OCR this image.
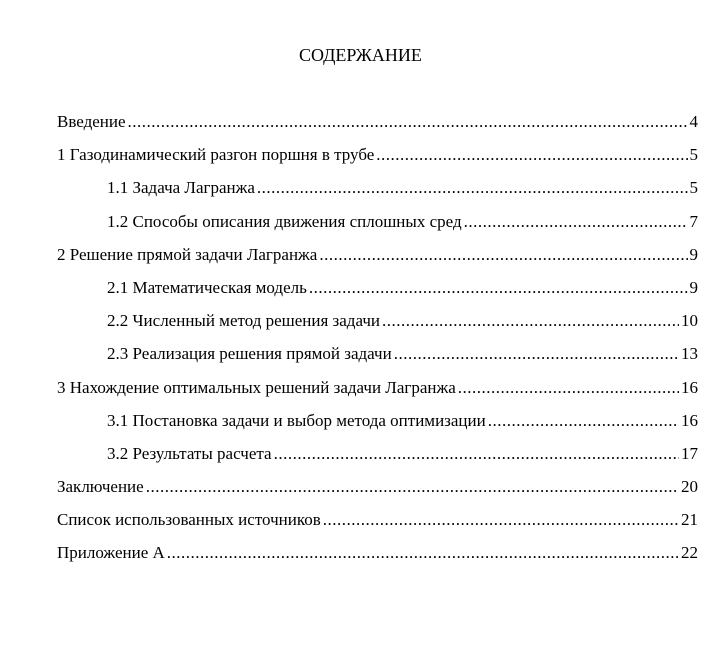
СОДЕРЖАНИЕ
Введение .....	4
1 Газодинамический разгон поршня в трубе .....	5
1.1 Задача Лагранжа .....	5
1.2 Способы описания движения сплошных сред .....	7
2 Решение прямой задачи Лагранжа .....	9
2.1 Математическая модель .....	9
2.2 Численный метод решения задачи .....	10
2.3 Реализация решения прямой задачи .....	13
3 Нахождение оптимальных решений задачи Лагранжа .....	16
3.1 Постановка задачи и выбор метода оптимизации .....	16
3.2 Результаты расчета .....	17
Заключение .....	20
Список использованных источников .....	21
Приложение А .....	22
